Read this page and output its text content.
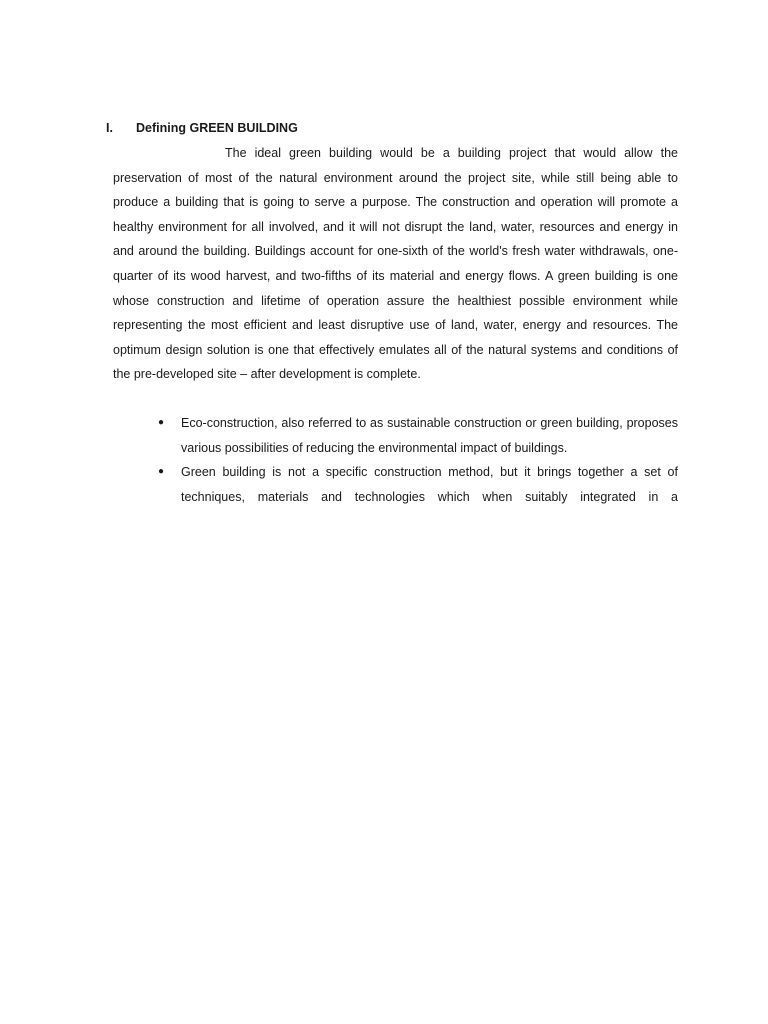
I. Defining GREEN BUILDING

The ideal green building would be a building project that would allow the preservation of most of the natural environment around the project site, while still being able to produce a building that is going to serve a purpose. The construction and operation will promote a healthy environment for all involved, and it will not disrupt the land, water, resources and energy in and around the building. Buildings account for one-sixth of the world's fresh water withdrawals, one-quarter of its wood harvest, and two-fifths of its material and energy flows. A green building is one whose construction and lifetime of operation assure the healthiest possible environment while representing the most efficient and least disruptive use of land, water, energy and resources. The optimum design solution is one that effectively emulates all of the natural systems and conditions of the pre-developed site – after development is complete.

● Eco-construction, also referred to as sustainable construction or green building, proposes various possibilities of reducing the environmental impact of buildings.
● Green building is not a specific construction method, but it brings together a set of techniques, materials and technologies which when suitably integrated in a
